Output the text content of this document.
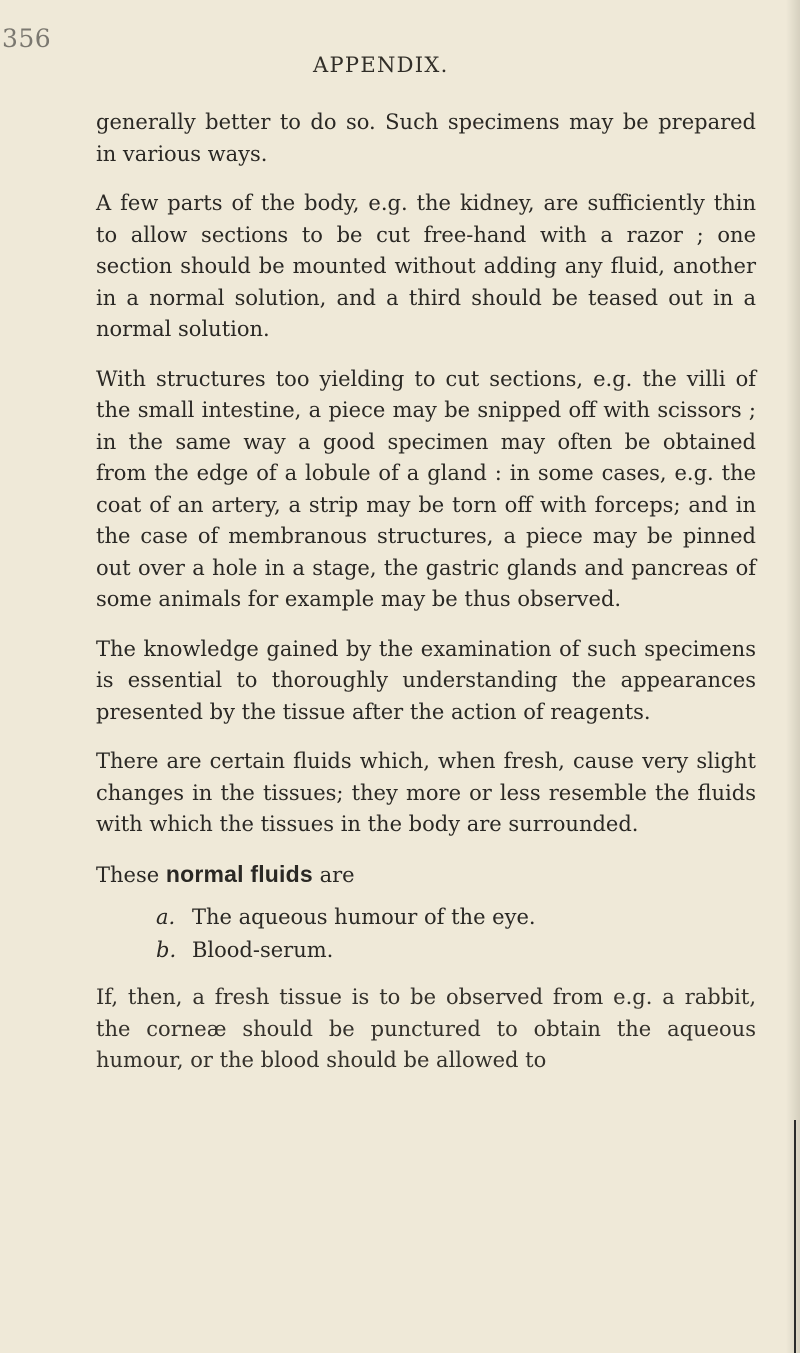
356
APPENDIX.

generally better to do so. Such specimens may be prepared in various ways.

A few parts of the body, e.g. the kidney, are sufficiently thin to allow sections to be cut free-hand with a razor ; one section should be mounted without adding any fluid, another in a normal solution, and a third should be teased out in a normal solution.

With structures too yielding to cut sections, e.g. the villi of the small intestine, a piece may be snipped off with scissors ; in the same way a good specimen may often be obtained from the edge of a lobule of a gland : in some cases, e.g. the coat of an artery, a strip may be torn off with forceps; and in the case of membranous structures, a piece may be pinned out over a hole in a stage, the gastric glands and pancreas of some animals for example may be thus observed.

The knowledge gained by the examination of such specimens is essential to thoroughly understanding the appearances presented by the tissue after the action of reagents.

There are certain fluids which, when fresh, cause very slight changes in the tissues; they more or less resemble the fluids with which the tissues in the body are surrounded.

These normal fluids are

a. The aqueous humour of the eye.
b. Blood-serum.

If, then, a fresh tissue is to be observed from e.g. a rabbit, the corneæ should be punctured to obtain the aqueous humour, or the blood should be allowed to
